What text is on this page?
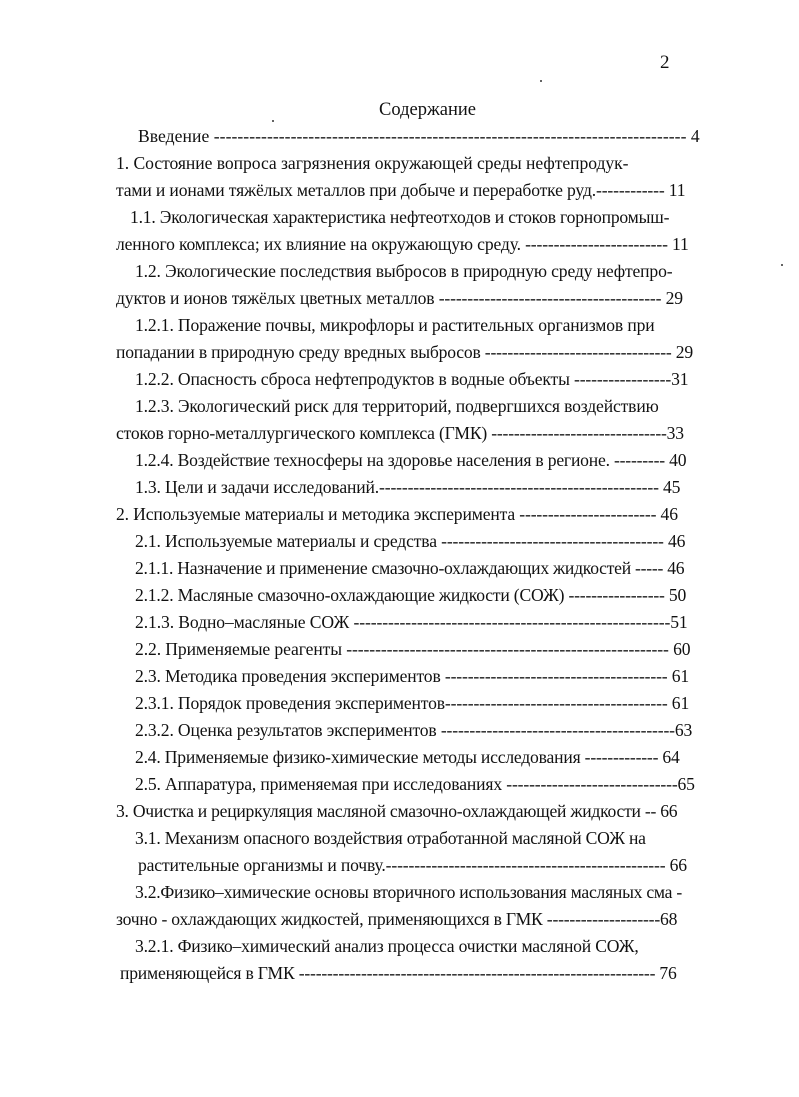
2
Содержание
Введение -------------------------------------------------------------------------------- 4
1. Состояние вопроса загрязнения окружающей среды нефтепродук-
тами и ионами тяжёлых металлов при добыче и переработке руд.------------ 11
1.1. Экологическая характеристика нефтеотходов и стоков горнопромыш-
ленного комплекса; их влияние на окружающую среду. ------------------------- 11
1.2. Экологические последствия выбросов в природную среду нефтепро-
дуктов и ионов тяжёлых цветных металлов --------------------------------------- 29
1.2.1. Поражение почвы, микрофлоры и растительных организмов при
попадании в природную среду вредных выбросов --------------------------------- 29
1.2.2. Опасность сброса нефтепродуктов в водные объекты -----------------31
1.2.3. Экологический риск для территорий, подвергшихся воздействию
стоков горно-металлургического комплекса (ГМК) -------------------------------33
1.2.4. Воздействие техносферы на здоровье населения в регионе. --------- 40
1.3. Цели и задачи исследований.------------------------------------------------- 45
2. Используемые материалы и методика эксперимента ------------------------ 46
2.1. Используемые материалы и средства --------------------------------------- 46
2.1.1. Назначение и применение смазочно-охлаждающих жидкостей ----- 46
2.1.2. Масляные смазочно-охлаждающие жидкости (СОЖ) ----------------- 50
2.1.3. Водно–масляные СОЖ -------------------------------------------------------51
2.2. Применяемые реагенты -------------------------------------------------------- 60
2.3. Методика проведения экспериментов --------------------------------------- 61
2.3.1. Порядок проведения экспериментов--------------------------------------- 61
2.3.2. Оценка результатов экспериментов -----------------------------------------63
2.4. Применяемые физико-химические методы исследования ------------- 64
2.5. Аппаратура, применяемая при исследованиях ------------------------------65
3. Очистка и рециркуляция масляной смазочно-охлаждающей жидкости -- 66
3.1. Механизм опасного воздействия отработанной масляной СОЖ на
растительные организмы и почву.------------------------------------------------- 66
3.2.Физико–химические основы вторичного использования масляных сма -
зочно - охлаждающих жидкостей, применяющихся в ГМК --------------------68
3.2.1. Физико–химический анализ процесса очистки масляной СОЖ,
применяющейся в ГМК --------------------------------------------------------------- 76
